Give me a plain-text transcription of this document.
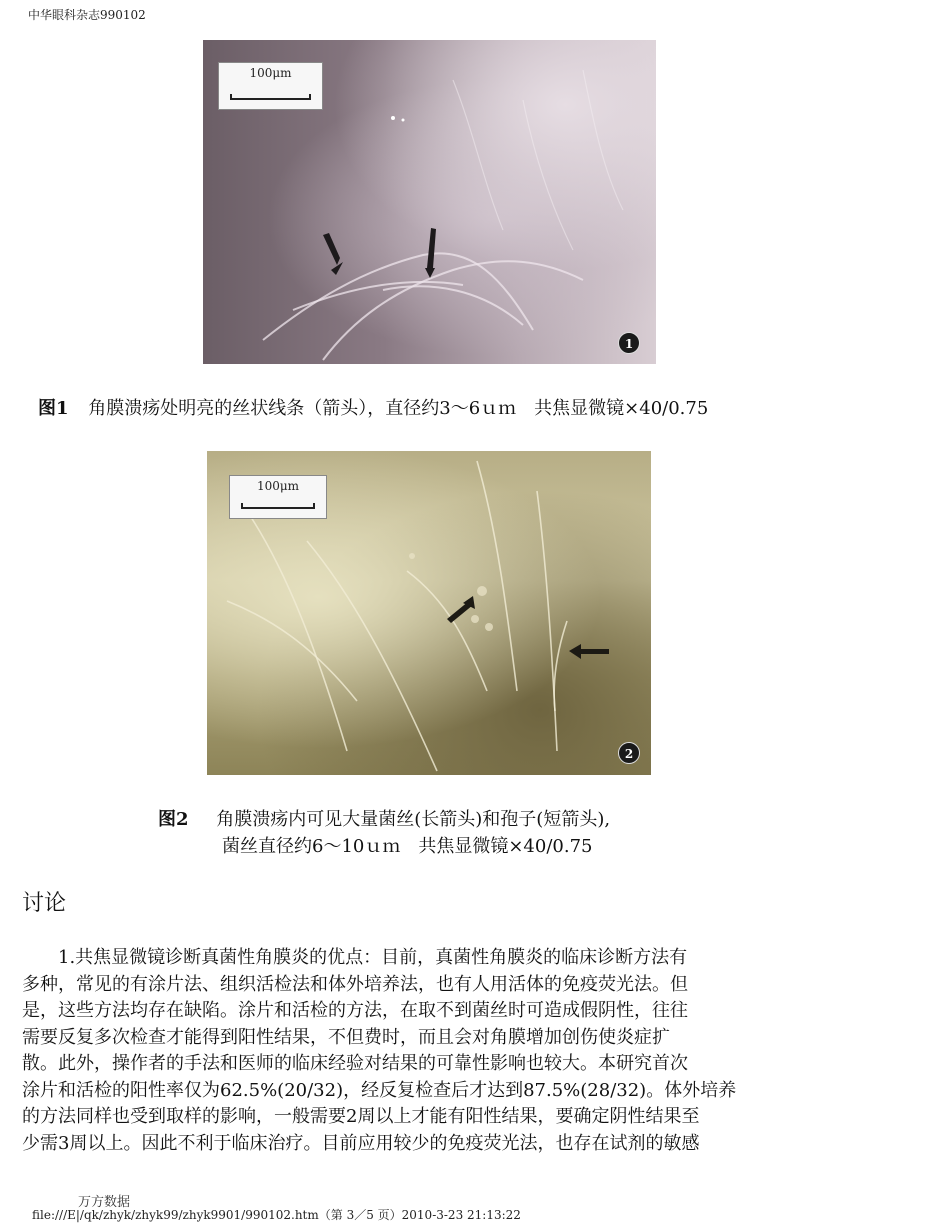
中华眼科杂志990102
100μm
1
图1 角膜溃疡处明亮的丝状线条（箭头），直径约3～6ｕｍ　共焦显微镜×40/0.75
100μm
2
图2 角膜溃疡内可见大量菌丝(长箭头)和孢子(短箭头),
菌丝直径约6～10ｕｍ　共焦显微镜×40/0.75
讨论
　　1.共焦显微镜诊断真菌性角膜炎的优点：目前，真菌性角膜炎的临床诊断方法有
多种，常见的有涂片法、组织活检法和体外培养法，也有人用活体的免疫荧光法。但
是，这些方法均存在缺陷。涂片和活检的方法，在取不到菌丝时可造成假阴性，往往
需要反复多次检查才能得到阳性结果，不但费时，而且会对角膜增加创伤使炎症扩
散。此外，操作者的手法和医师的临床经验对结果的可靠性影响也较大。本研究首次
涂片和活检的阳性率仅为62.5%(20/32)，经反复检查后才达到87.5%(28/32)。体外培养
的方法同样也受到取样的影响，一般需要2周以上才能有阳性结果，要确定阴性结果至
少需3周以上。因此不利于临床治疗。目前应用较少的免疫荧光法，也存在试剂的敏感
万方数据
file:///E|/qk/zhyk/zhyk99/zhyk9901/990102.htm（第 3／5 页）2010-3-23 21:13:22
